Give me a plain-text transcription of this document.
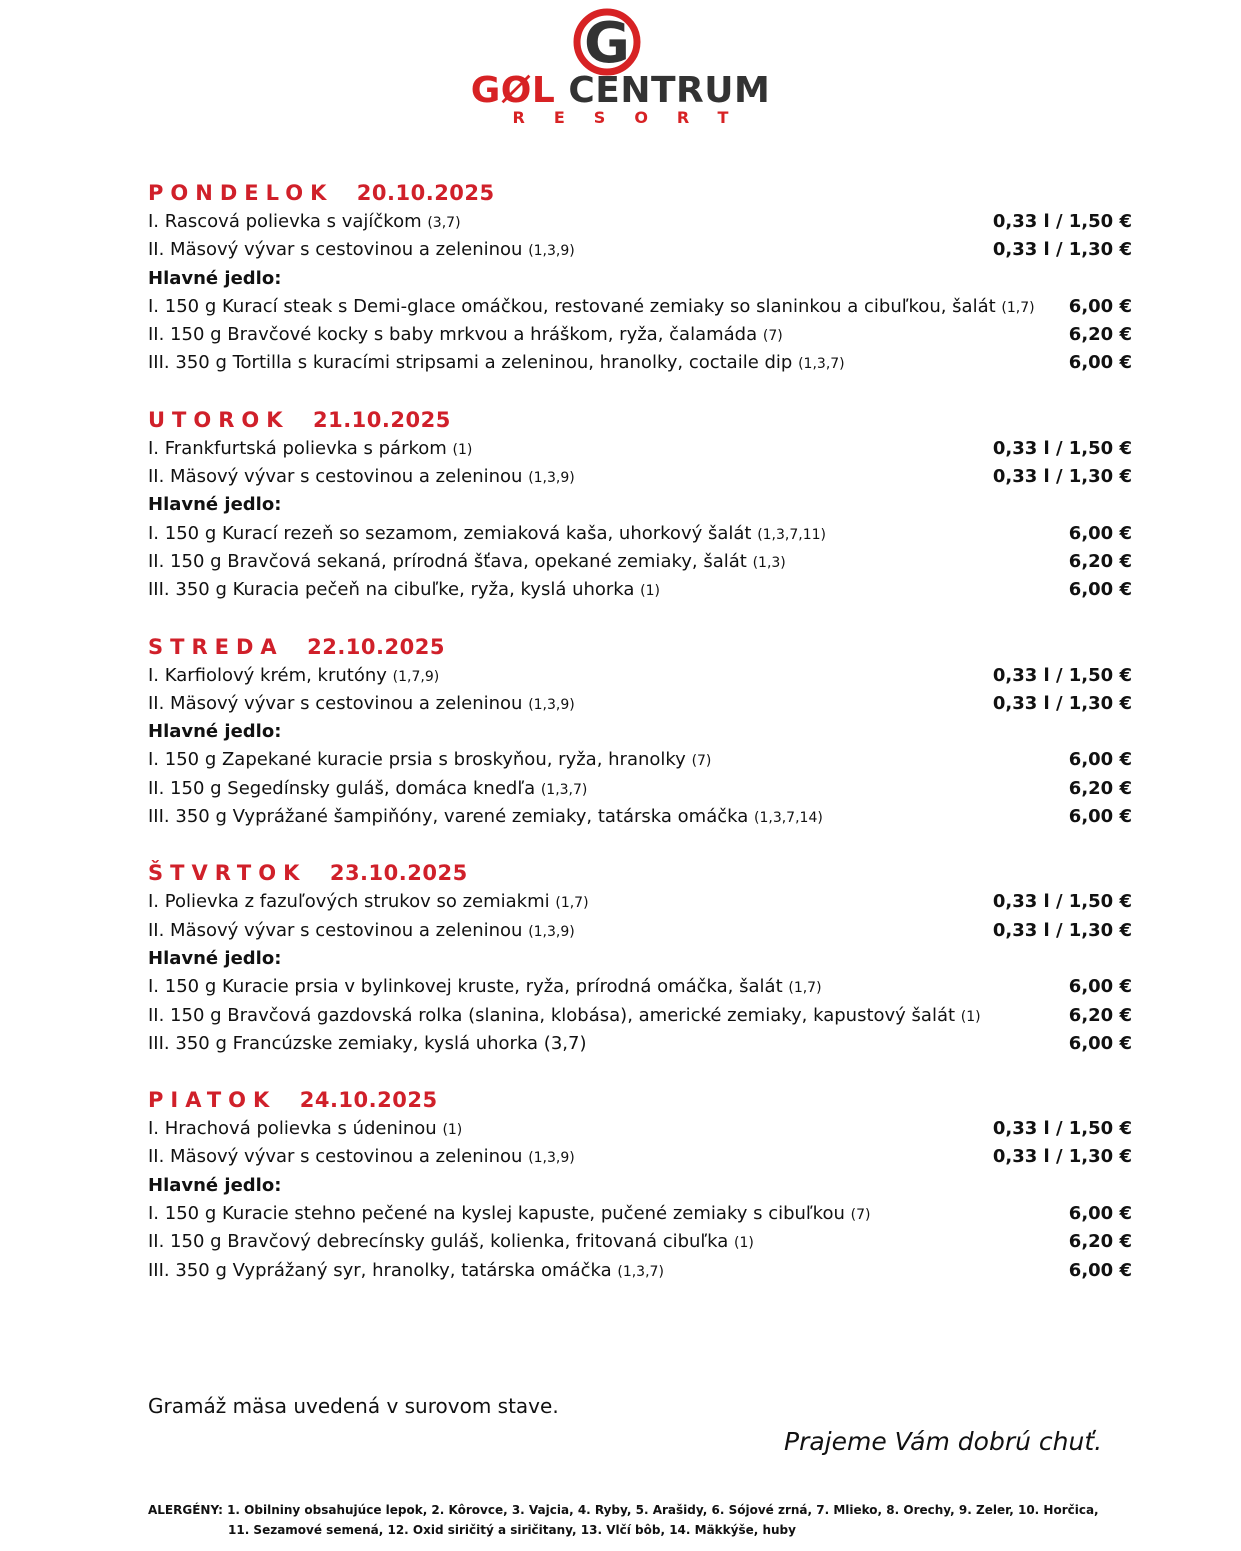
G
GØL CENTRUM
RESORT
PONDELOK 20.10.2025
I. Rascová polievka s vajíčkom (3,7)	0,33 l / 1,50 €
II. Mäsový vývar s cestovinou a zeleninou (1,3,9)	0,33 l / 1,30 €
Hlavné jedlo:
I. 150 g Kurací steak s Demi-glace omáčkou, restované zemiaky so slaninkou a cibuľkou, šalát (1,7) 6,00 €
II. 150 g Bravčové kocky s baby mrkvou a hráškom, ryža, čalamáda (7)	6,20 €
III. 350 g Tortilla s kuracími stripsami a zeleninou, hranolky, coctaile dip (1,3,7)	6,00 €
UTOROK 21.10.2025
I. Frankfurtská polievka s párkom (1)	0,33 l / 1,50 €
II. Mäsový vývar s cestovinou a zeleninou (1,3,9)	0,33 l / 1,30 €
Hlavné jedlo:
I. 150 g Kurací rezeň so sezamom, zemiaková kaša, uhorkový šalát (1,3,7,11)	6,00 €
II. 150 g Bravčová sekaná, prírodná šťava, opekané zemiaky, šalát (1,3)	6,20 €
III. 350 g Kuracia pečeň na cibuľke, ryža, kyslá uhorka (1)	6,00 €
STREDA 22.10.2025
I. Karfiolový krém, krutóny (1,7,9)	0,33 l / 1,50 €
II. Mäsový vývar s cestovinou a zeleninou (1,3,9)	0,33 l / 1,30 €
Hlavné jedlo:
I. 150 g Zapekané kuracie prsia s broskyňou, ryža, hranolky (7)	6,00 €
II. 150 g Segedínsky guláš, domáca knedľa (1,3,7)	6,20 €
III. 350 g Vyprážané šampiňóny, varené zemiaky, tatárska omáčka (1,3,7,14)	6,00 €
ŠTVRTOK 23.10.2025
I. Polievka z fazuľových strukov so zemiakmi (1,7)	0,33 l / 1,50 €
II. Mäsový vývar s cestovinou a zeleninou (1,3,9)	0,33 l / 1,30 €
Hlavné jedlo:
I. 150 g Kuracie prsia v bylinkovej kruste, ryža, prírodná omáčka, šalát (1,7)	6,00 €
II. 150 g Bravčová gazdovská rolka (slanina, klobása), americké zemiaky, kapustový šalát (1)	6,20 €
III. 350 g Francúzske zemiaky, kyslá uhorka (3,7)	6,00 €
PIATOK 24.10.2025
I. Hrachová polievka s údeninou (1)	0,33 l / 1,50 €
II. Mäsový vývar s cestovinou a zeleninou (1,3,9)	0,33 l / 1,30 €
Hlavné jedlo:
I. 150 g Kuracie stehno pečené na kyslej kapuste, pučené zemiaky s cibuľkou (7)	6,00 €
II. 150 g Bravčový debrecínsky guláš, kolienka, fritovaná cibuľka (1)	6,20 €
III. 350 g Vyprážaný syr, hranolky, tatárska omáčka (1,3,7)	6,00 €
Gramáž mäsa uvedená v surovom stave.
Prajeme Vám dobrú chuť.
ALERGÉNY: 1. Obilniny obsahujúce lepok, 2. Kôrovce, 3. Vajcia, 4. Ryby, 5. Arašidy, 6. Sójové zrná, 7. Mlieko, 8. Orechy, 9. Zeler, 10. Horčica,
11. Sezamové semená, 12. Oxid siričitý a siričitany, 13. Vlčí bôb, 14. Mäkkýše, huby
